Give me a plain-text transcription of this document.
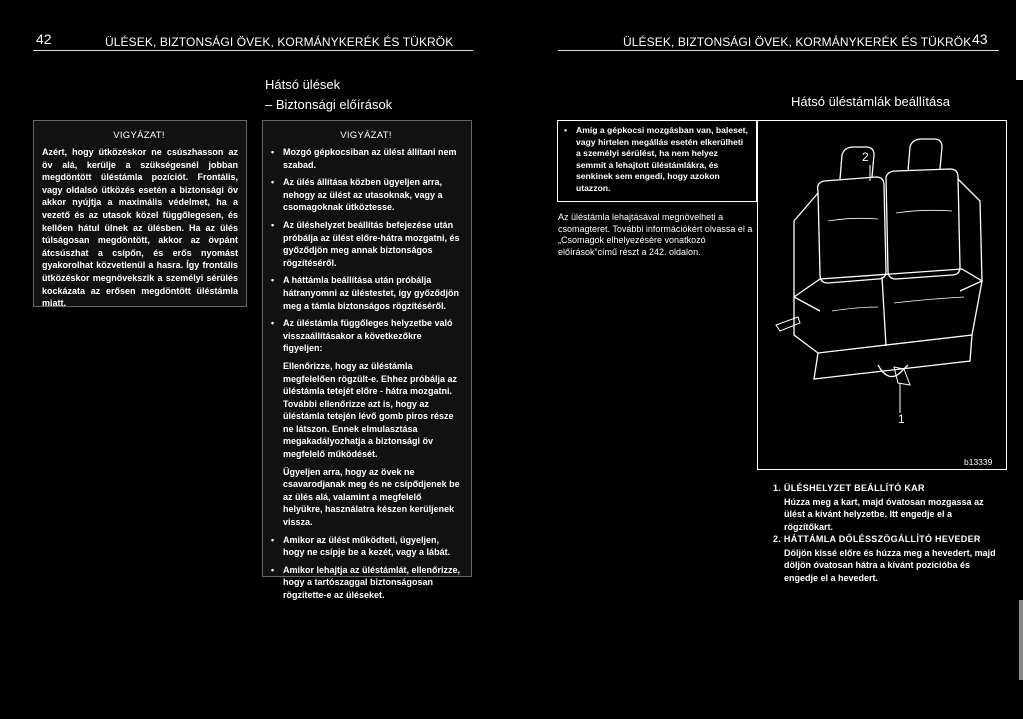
42	ÜLÉSEK, BIZTONSÁGI ÖVEK, KORMÁNYKERÉK ÉS TÜKRÖK	ÜLÉSEK, BIZTONSÁGI ÖVEK, KORMÁNYKERÉK ÉS TÜKRÖK 43
Hátsó ülések
– Biztonsági előírások	Hátsó üléstámlák beállítása
VIGYÁZAT!
Azért, hogy ütközéskor ne csúszhasson az öv alá, kerülje a szükségesnél jobban megdöntött üléstámla pozíciót. Frontális, vagy oldalsó ütközés esetén a biztonsági öv akkor nyújtja a maximális védelmet, ha a vezető és az utasok közel függőlegesen, és kellően hátul ülnek az ülésben. Ha az ülés túlságosan megdöntött, akkor az övpánt átcsúszhat a csípőn, és erős nyomást gyakorolhat közvetlenül a hasra. Így frontális ütközéskor megnövekszik a személyi sérülés kockázata az erősen megdöntött üléstámla miatt.
VIGYÁZAT!
• Mozgó gépkocsiban az ülést állítani nem szabad.
• Az ülés állítása közben ügyeljen arra, nehogy az ülést az utasoknak, vagy a csomagoknak ütköztesse.
• Az üléshelyzet beállítás befejezése után próbálja az ülést előre-hátra mozgatni, és győződjön meg annak biztonságos rögzítéséről.
• A háttámla beállítása után próbálja hátranyomni az üléstestet, így győződjön meg a támla biztonságos rögzítéséről.
• Az üléstámla függőleges helyzetbe való visszaállításakor a következőkre figyeljen:
Ellenőrizze, hogy az üléstámla megfelelően rögzült-e. Ehhez próbálja az üléstámla tetejét előre - hátra mozgatni. További ellenőrizze azt is, hogy az üléstámla tetején lévő gomb piros része ne látszon. Ennek elmulasztása megakadályozhatja a biztonsági öv megfelelő működését.
Ügyeljen arra, hogy az övek ne csavarodjanak meg és ne csípődjenek be az ülés alá, valamint a megfelelő helyükre, használatra készen kerüljenek vissza.
• Amikor az ülést működteti, ügyeljen, hogy ne csípje be a kezét, vagy a lábát.
• Amikor lehajtja az üléstámlát, ellenőrizze, hogy a tartószaggal biztonságosan rögzítette-e az üléseket.
• Amíg a gépkocsi mozgásban van, baleset, vagy hirtelen megállás esetén elkerülheti a személyi sérülést, ha nem helyez semmit a lehajtott üléstámlákra, és senkinek sem engedi, hogy azokon utazzon.
Az üléstámla lehajtásával megnövelheti a csomagteret. További információkért olvassa el a „Csomagok elhelyezésére vonatkozó előírások”című részt a 242. oldalon.
2
1
b13339
1. ÜLÉSHELYZET BEÁLLÍTÓ KAR
Húzza meg a kart, majd óvatosan mozgassa az ülést a kívánt helyzetbe. Itt engedje el a rögzítőkart.
2. HÁTTÁMLA DŐLÉSSZÖGÁLLÍTÓ HEVEDER
Döljön kissé előre és húzza meg a hevedert, majd döljön óvatosan hátra a kívánt pozícióba és engedje el a hevedert.
